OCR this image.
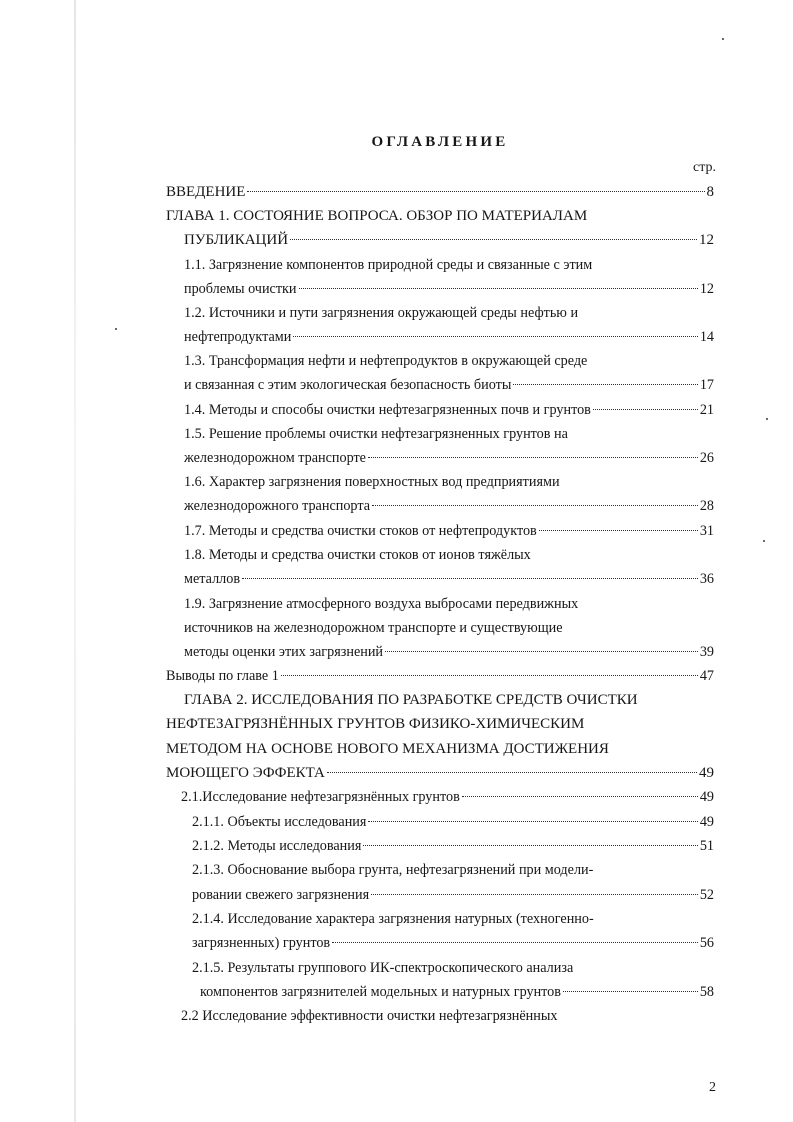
ОГЛАВЛЕНИЕ
стр.
ВВЕДЕНИЕ	8
ГЛАВА 1. СОСТОЯНИЕ ВОПРОСА. ОБЗОР ПО МАТЕРИАЛАМ
ПУБЛИКАЦИЙ	12
1.1. Загрязнение компонентов природной среды и связанные с этим
проблемы очистки	12
1.2. Источники и пути загрязнения окружающей среды нефтью и
нефтепродуктами	14
1.3. Трансформация нефти и нефтепродуктов в окружающей среде
и связанная с этим экологическая безопасность биоты	17
1.4. Методы и способы очистки нефтезагрязненных почв и грунтов	21
1.5. Решение проблемы очистки нефтезагрязненных грунтов на
железнодорожном транспорте	26
1.6. Характер загрязнения поверхностных вод предприятиями
железнодорожного транспорта	28
1.7. Методы и средства очистки стоков от нефтепродуктов	31
1.8. Методы и средства очистки стоков от ионов тяжёлых
металлов	36
1.9. Загрязнение атмосферного воздуха выбросами передвижных
источников на железнодорожном транспорте и существующие
методы оценки этих загрязнений	39
Выводы по главе 1	47
ГЛАВА 2. ИССЛЕДОВАНИЯ ПО РАЗРАБОТКЕ СРЕДСТВ ОЧИСТКИ
НЕФТЕЗАГРЯЗНЁННЫХ ГРУНТОВ ФИЗИКО-ХИМИЧЕСКИМ
МЕТОДОМ НА ОСНОВЕ НОВОГО МЕХАНИЗМА ДОСТИЖЕНИЯ
МОЮЩЕГО ЭФФЕКТА	49
2.1.Исследование нефтезагрязнённых грунтов	49
2.1.1. Объекты исследования	49
2.1.2. Методы исследования	51
2.1.3. Обоснование выбора грунта, нефтезагрязнений при модели-
ровании свежего загрязнения	52
2.1.4. Исследование характера загрязнения натурных (техногенно-
загрязненных) грунтов	56
2.1.5. Результаты группового ИК-спектроскопического анализа
компонентов загрязнителей модельных и натурных грунтов	58
2.2 Исследование эффективности очистки нефтезагрязнённых
2
